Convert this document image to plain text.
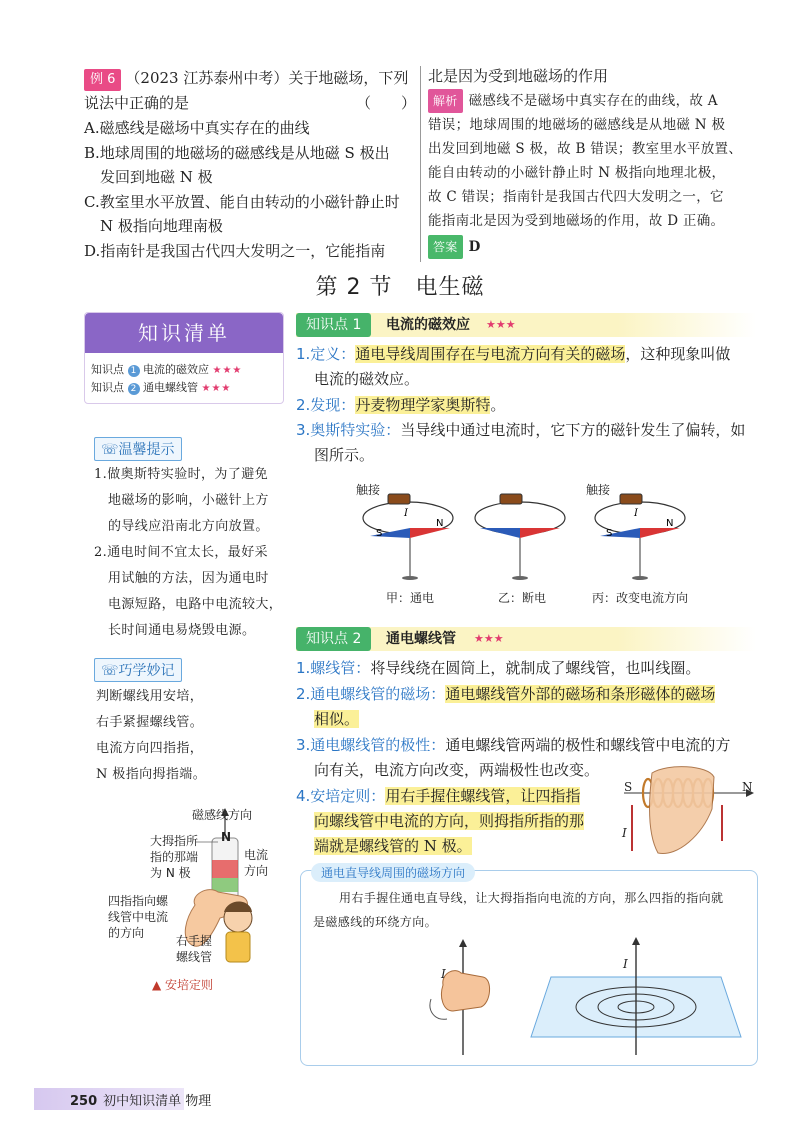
例 6 （2023 江苏泰州中考）关于地磁场，下列
说法中正确的是	（　　）
A.磁感线是磁场中真实存在的曲线
B.地球周围的地磁场的磁感线是从地磁 S 极出
发回到地磁 N 极
C.教室里水平放置、能自由转动的小磁针静止时
N 极指向地理南极
D.指南针是我国古代四大发明之一，它能指南
北是因为受到地磁场的作用
解析 磁感线不是磁场中真实存在的曲线，故 A
错误；地球周围的地磁场的磁感线是从地磁 N 极
出发回到地磁 S 极，故 B 错误；教室里水平放置、
能自由转动的小磁针静止时 N 极指向地理北极，
故 C 错误；指南针是我国古代四大发明之一，它
能指南北是因为受到地磁场的作用，故 D 正确。
答案 D
第 2 节　电生磁
知识清单
知识点 1 电流的磁效应 ★★★
知识点 2 通电螺线管 ★★★
☏温馨提示
1.做奥斯特实验时，为了避免
地磁场的影响，小磁针上方
的导线应沿南北方向放置。
2.通电时间不宜太长，最好采
用试触的方法，因为通电时
电源短路，电路中电流较大，
长时间通电易烧毁电源。
☏巧学妙记
判断螺线用安培，
右手紧握螺线管。
电流方向四指指，
N 极指向拇指端。
磁感线方向
N
大拇指所
指的那端
为 N 极
电流
方向
四指指向螺
线管中电流
的方向
右手握
螺线管
▲ 安培定则
知识点 1	电流的磁效应 ★★★
1.定义：通电导线周围存在与电流方向有关的磁场，这种现象叫做
电流的磁效应。
2.发现：丹麦物理学家奥斯特。
3.奥斯特实验：当导线中通过电流时，它下方的磁针发生了偏转，如
图所示。
S
N
I
S
N
I
触接	触接
甲：通电	乙：断电	丙：改变电流方向
知识点 2	通电螺线管 ★★★
1.螺线管：将导线绕在圆筒上，就制成了螺线管，也叫线圈。
2.通电螺线管的磁场：通电螺线管外部的磁场和条形磁体的磁场
相似。
3.通电螺线管的极性：通电螺线管两端的极性和螺线管中电流的方
向有关，电流方向改变，两端极性也改变。
4.安培定则：用右手握住螺线管，让四指指
向螺线管中电流的方向，则拇指所指的那
端就是螺线管的 N 极。
S	N
I
通电直导线周围的磁场方向
用右手握住通电直导线，让大拇指指向电流的方向，那么四指的指向就
是磁感线的环绕方向。
I
I
250 初中知识清单 物理
